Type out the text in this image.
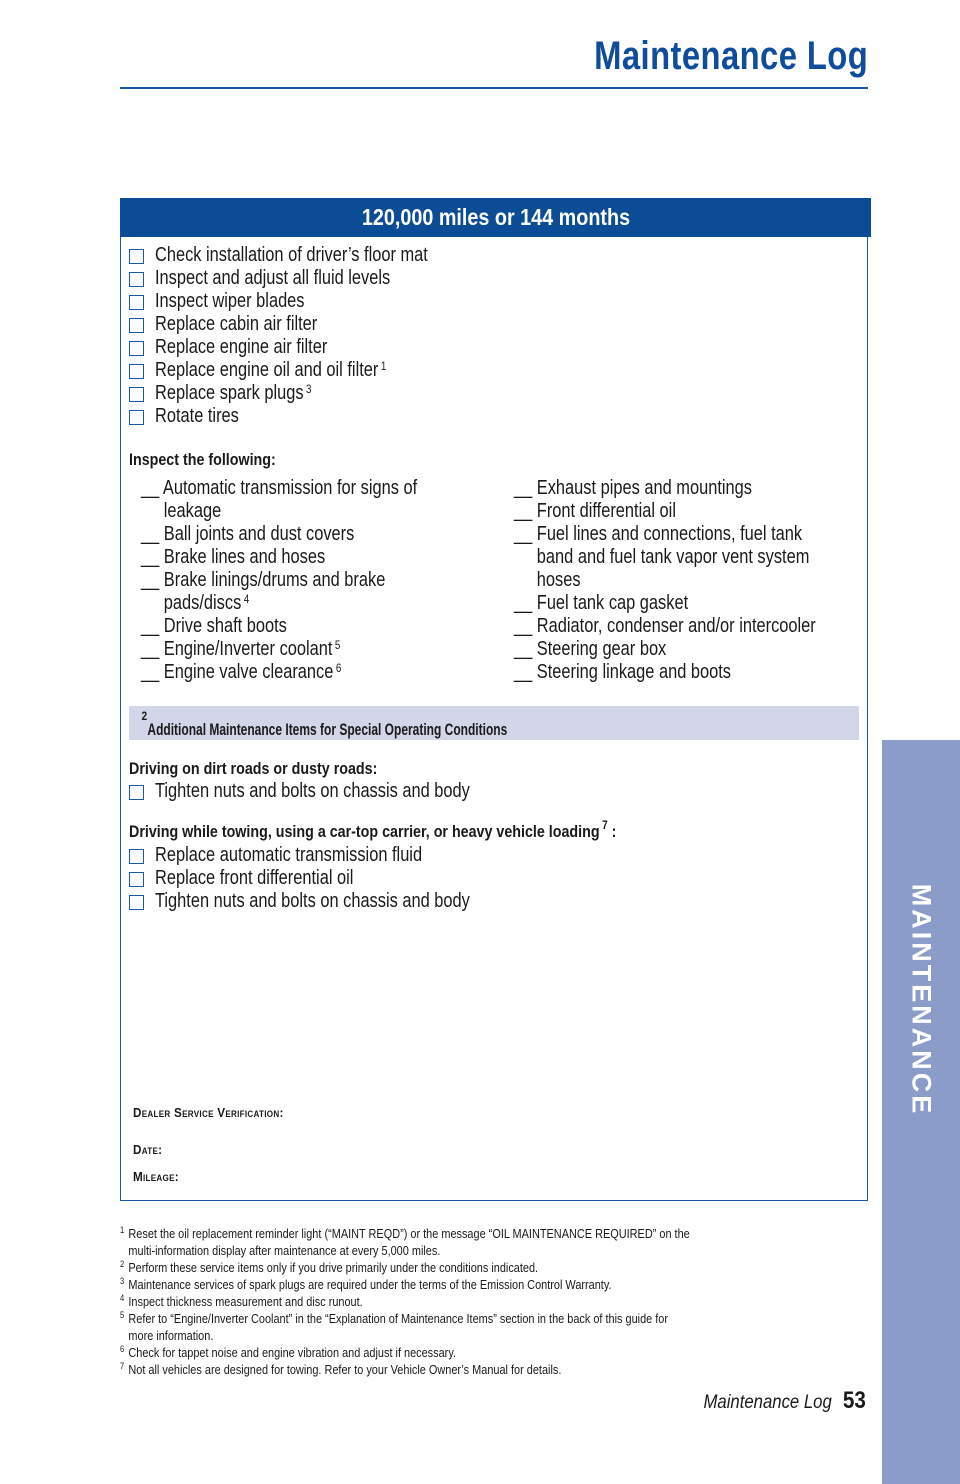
Maintenance Log
MAINTENANCE
120,000 miles or 144 months
Check installation of driver’s floor mat
Inspect and adjust all fluid levels
Inspect wiper blades
Replace cabin air filter
Replace engine air filter
Replace engine oil and oil filter $^1$
Replace spark plugs $^3$
Rotate tires
Inspect the following:
__ Automatic transmission for signs of
leakage
__ Ball joints and dust covers
__ Brake lines and hoses
__ Brake linings/drums and brake
pads/discs $^4$
__ Drive shaft boots
__ Engine/Inverter coolant $^5$
__ Engine valve clearance $^6$
__ Exhaust pipes and mountings
__ Front differential oil
__ Fuel lines and connections, fuel tank
band and fuel tank vapor vent system
hoses
__ Fuel tank cap gasket
__ Radiator, condenser and/or intercooler
__ Steering gear box
__ Steering linkage and boots
Additional Maintenance Items for Special Operating Conditions
$^2$
Driving on dirt roads or dusty roads:
Tighten nuts and bolts on chassis and body
Driving while towing, using a car-top carrier, or heavy vehicle loading $^7$ :
Replace automatic transmission fluid
Replace front differential oil
Tighten nuts and bolts on chassis and body
Dealer Service Verification:
Date:
Mileage:
1 Reset the oil replacement reminder light (“MAINT REQD”) or the message “OIL MAINTENANCE REQUIRED” on the
multi-information display after maintenance at every 5,000 miles.
2 Perform these service items only if you drive primarily under the conditions indicated.
3 Maintenance services of spark plugs are required under the terms of the Emission Control Warranty.
4 Inspect thickness measurement and disc runout.
5 Refer to “Engine/Inverter Coolant” in the “Explanation of Maintenance Items” section in the back of this guide for
more information.
6 Check for tappet noise and engine vibration and adjust if necessary.
7 Not all vehicles are designed for towing. Refer to your Vehicle Owner’s Manual for details.
Maintenance Log 53
